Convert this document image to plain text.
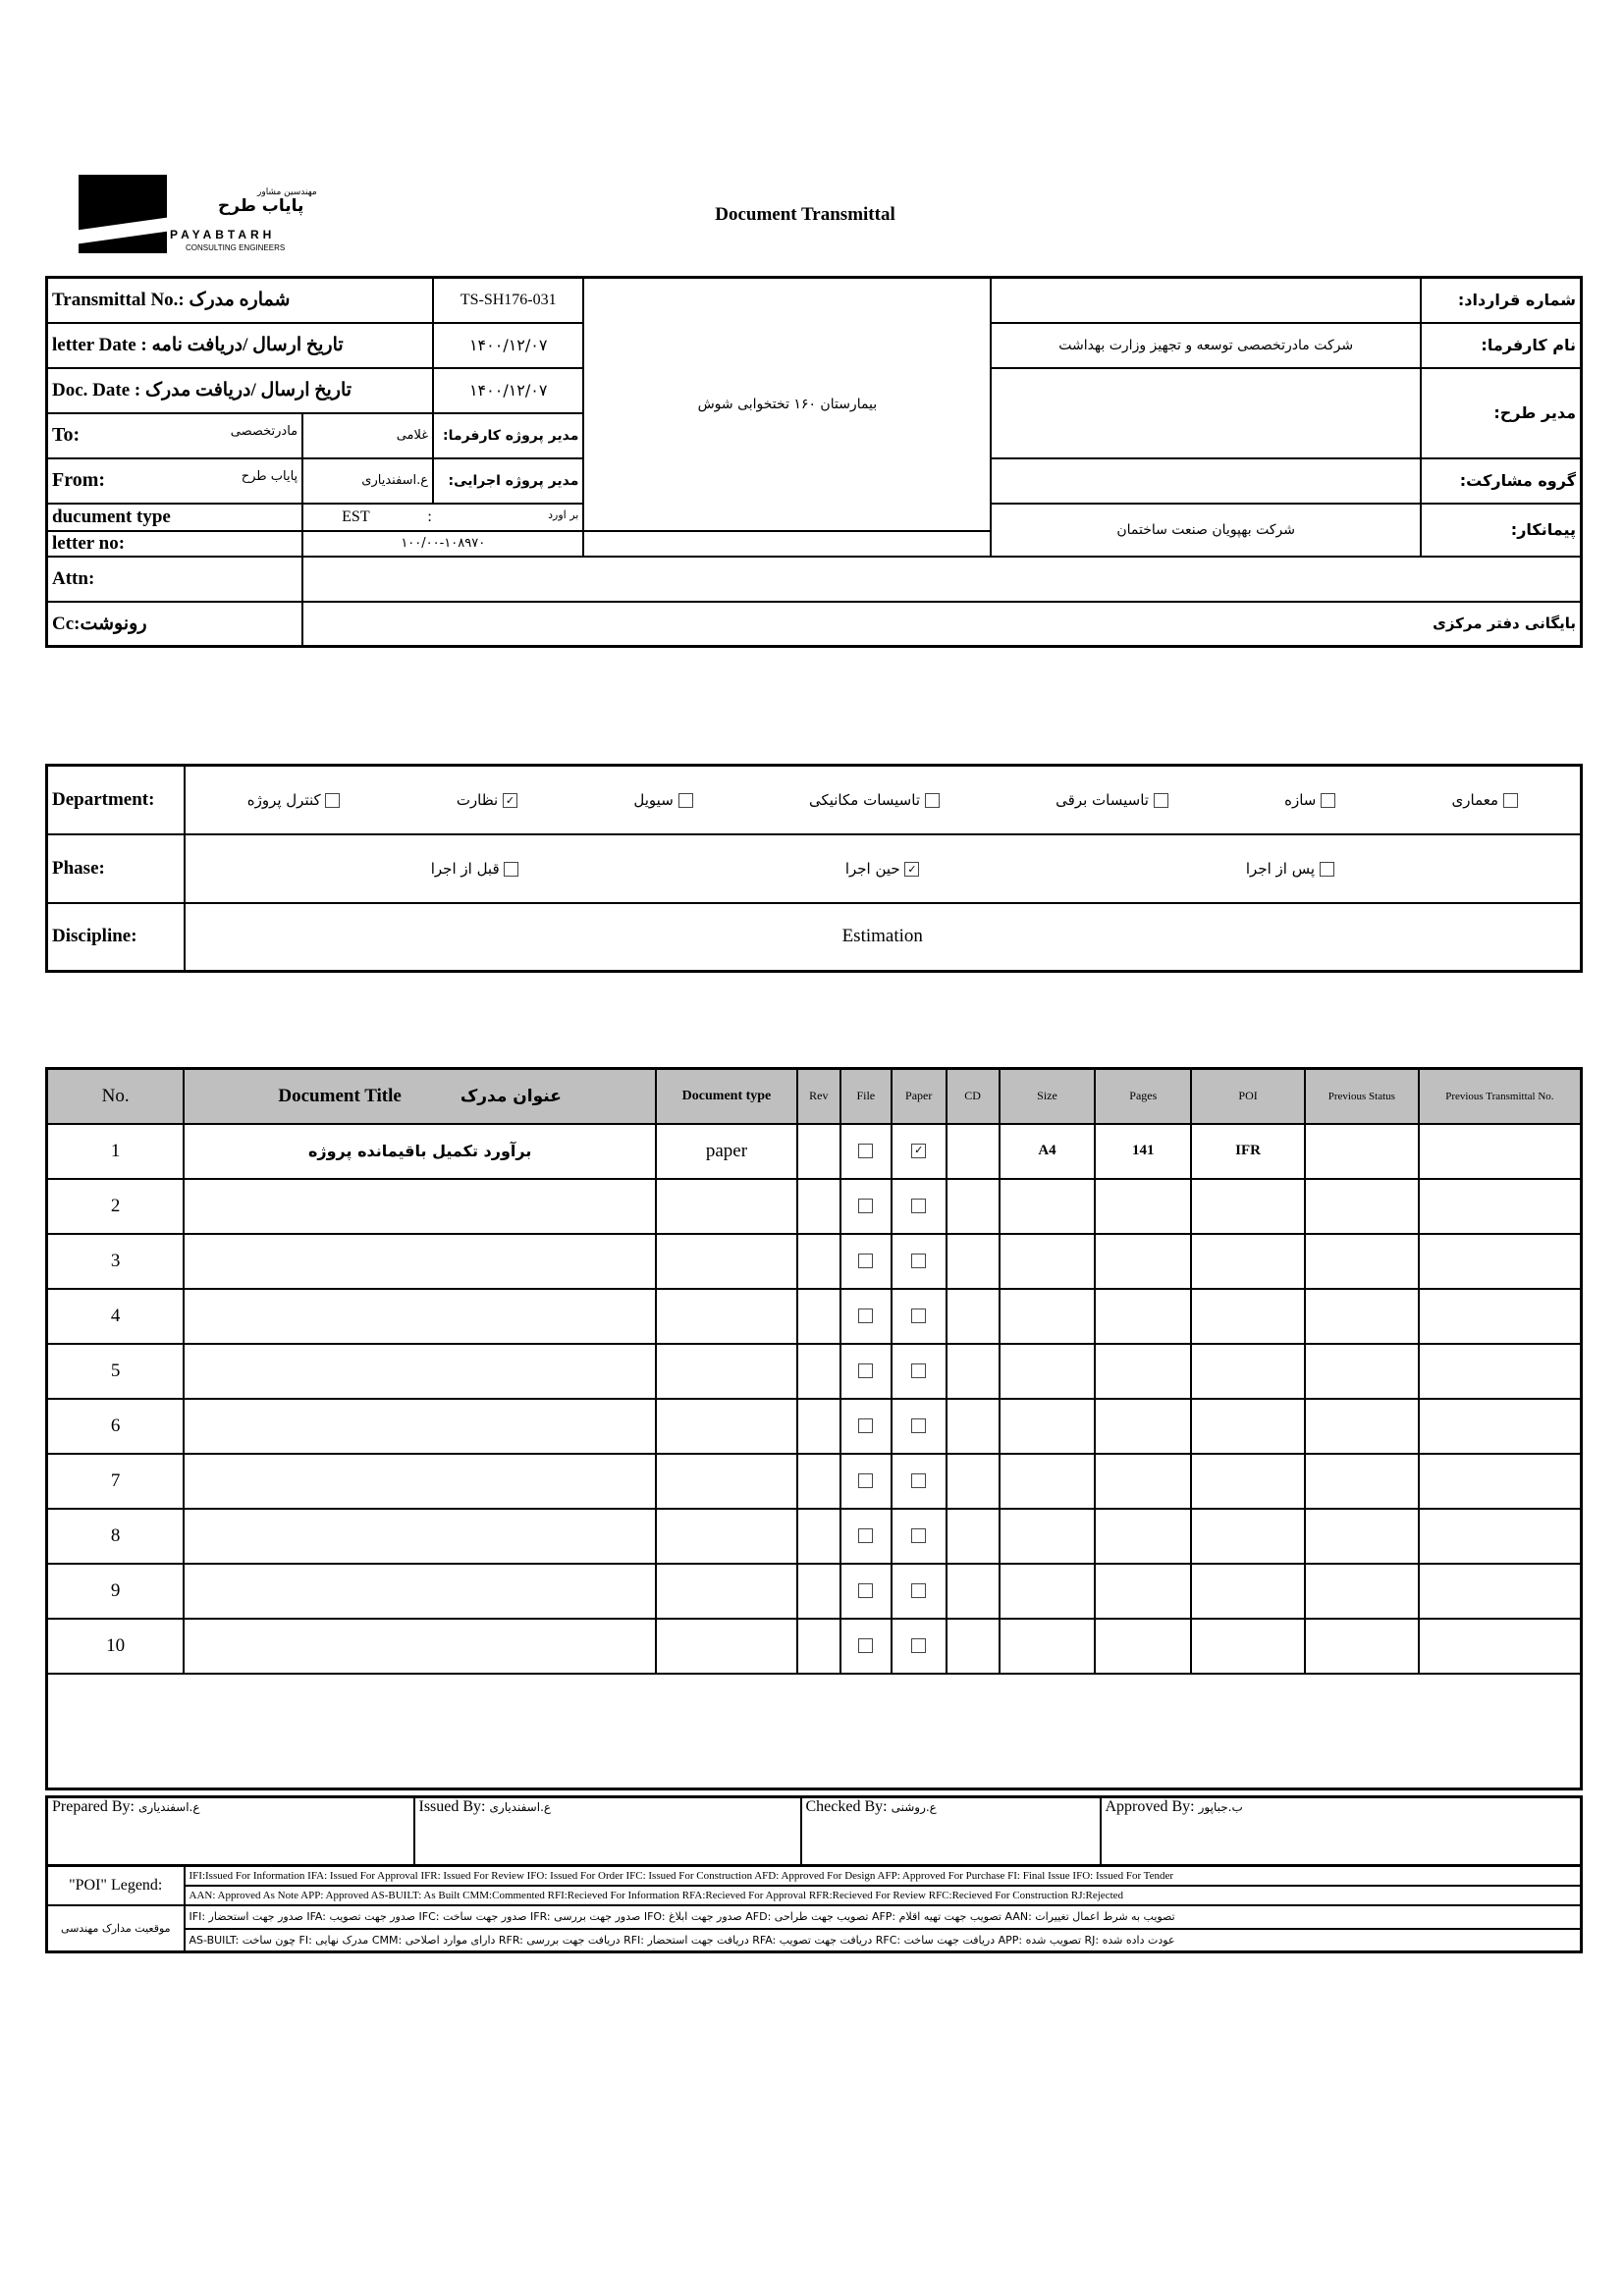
مهندسین مشاور
پایاب طرح
PAYABTARH
CONSULTING ENGINEERS
Document Transmittal
Transmittal No.: شماره مدرک		TS-SH176-031	بیمارستان ۱۶۰ تختخوابی شوش		شماره قرارداد:
letter Date : تاریخ ارسال /دریافت نامه		۱۴۰۰/۱۲/۰۷		شرکت مادرتخصصی توسعه و تجهیز وزارت بهداشت	نام کارفرما:
Doc. Date : تاریخ ارسال /دریافت مدرک		۱۴۰۰/۱۲/۰۷			مدیر طرح:
To: مادرتخصصی	غلامی	مدیر پروژه کارفرما:			
From: پایاب طرح	ع.اسفندیاری	مدیر پروژه اجرایی:			گروه مشارکت:
ducument type	EST : بر اورد			شرکت بهپویان صنعت ساختمان	پیمانکار:
letter no:	۱۰۰/۰۰-۱۰۸۹۷۰				
Attn:					
Cc:رونوشت	بایگانی دفتر مرکزی				
Department:	معماری
سازه
تاسیسات برقی
تاسیسات مکانیکی
سیویل
✓ نظارت
کنترل پروژه

Phase:	پس از اجرا
✓ حین اجرا
قبل از اجرا

Discipline:	Estimation
No.	Document Title عنوان مدرک	Document type	Rev	File	Paper	CD	Size	Pages	POI	Previous Status	Previous Transmittal No.
1	برآورد تکمیل باقیمانده پروژه	paper			✓		A4	141	IFR		
2											
3											
4											
5											
6											
7											
8											
9											
10											

Prepared By: ع.اسفندیاری	Issued By: ع.اسفندیاری	Checked By: ع.روشنی	Approved By: ب.جباپور
"POI" Legend:	IFI:Issued For Information IFA: Issued For Approval IFR: Issued For Review IFO: Issued For Order IFC: Issued For Construction AFD: Approved For Design AFP: Approved For Purchase FI: Final Issue IFO: Issued For Tender
	AAN: Approved As Note APP: Approved AS-BUILT: As Built CMM:Commented RFI:Recieved For Information RFA:Recieved For Approval RFR:Recieved For Review RFC:Recieved For Construction RJ:Rejected
موقعیت مدارک مهندسی	IFI: صدور جهت استحضار IFA: صدور جهت تصویب IFC: صدور جهت ساخت IFR: صدور جهت بررسی IFO: صدور جهت ابلاغ AFD: تصویب جهت طراحی AFP: تصویب جهت تهیه اقلام AAN: تصویب به شرط اعمال تغییرات
	AS-BUILT: چون ساخت FI: مدرک نهایی CMM: دارای موارد اصلاحی RFR: دریافت جهت بررسی RFI: دریافت جهت استحضار RFA: دریافت جهت تصویب RFC: دریافت جهت ساخت APP: تصویب شده RJ: عودت داده شده
